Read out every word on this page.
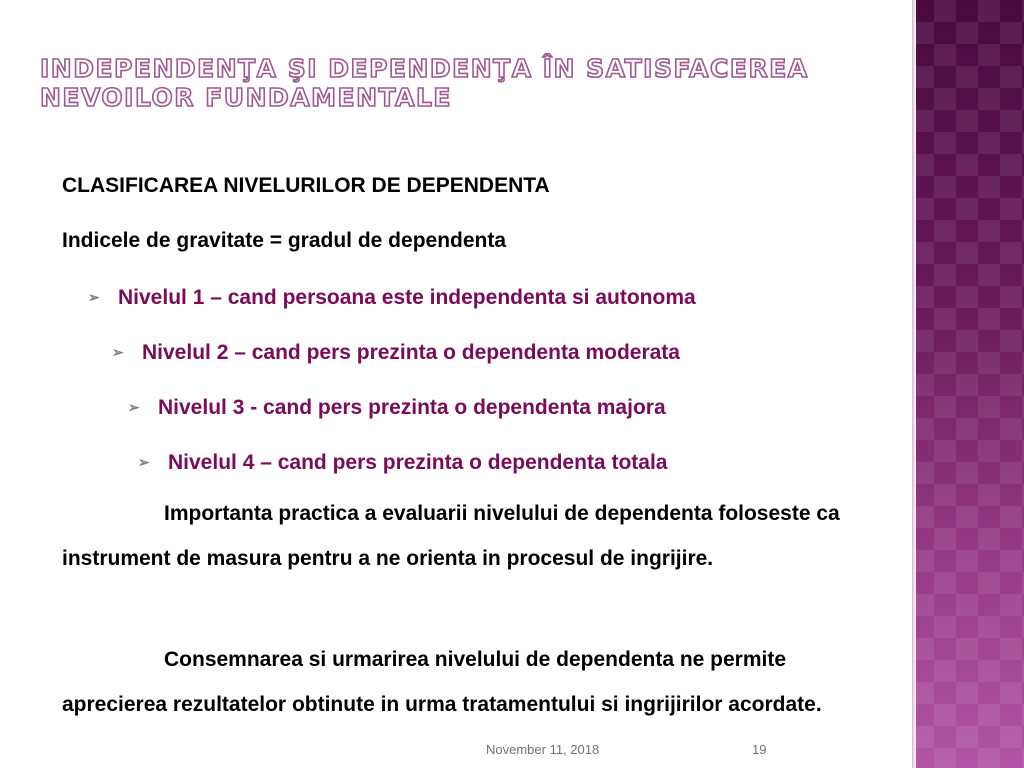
INDEPENDENŢA ŞI DEPENDENŢA ÎN SATISFACEREA NEVOILOR FUNDAMENTALE

CLASIFICAREA NIVELURILOR DE DEPENDENTA

Indicele de gravitate = gradul de dependenta

➢ Nivelul 1 – cand persoana este independenta si autonoma
➢ Nivelul 2 – cand pers prezinta o dependenta moderata
➢ Nivelul 3 - cand pers prezinta o dependenta majora
➢ Nivelul 4 – cand pers prezinta o dependenta totala

Importanta practica a evaluarii nivelului de dependenta foloseste ca instrument de masura pentru a ne orienta in procesul de ingrijire.

Consemnarea si urmarirea nivelului de dependenta ne permite aprecierea rezultatelor obtinute in urma tratamentului si ingrijirilor acordate.

November 11, 2018	19
